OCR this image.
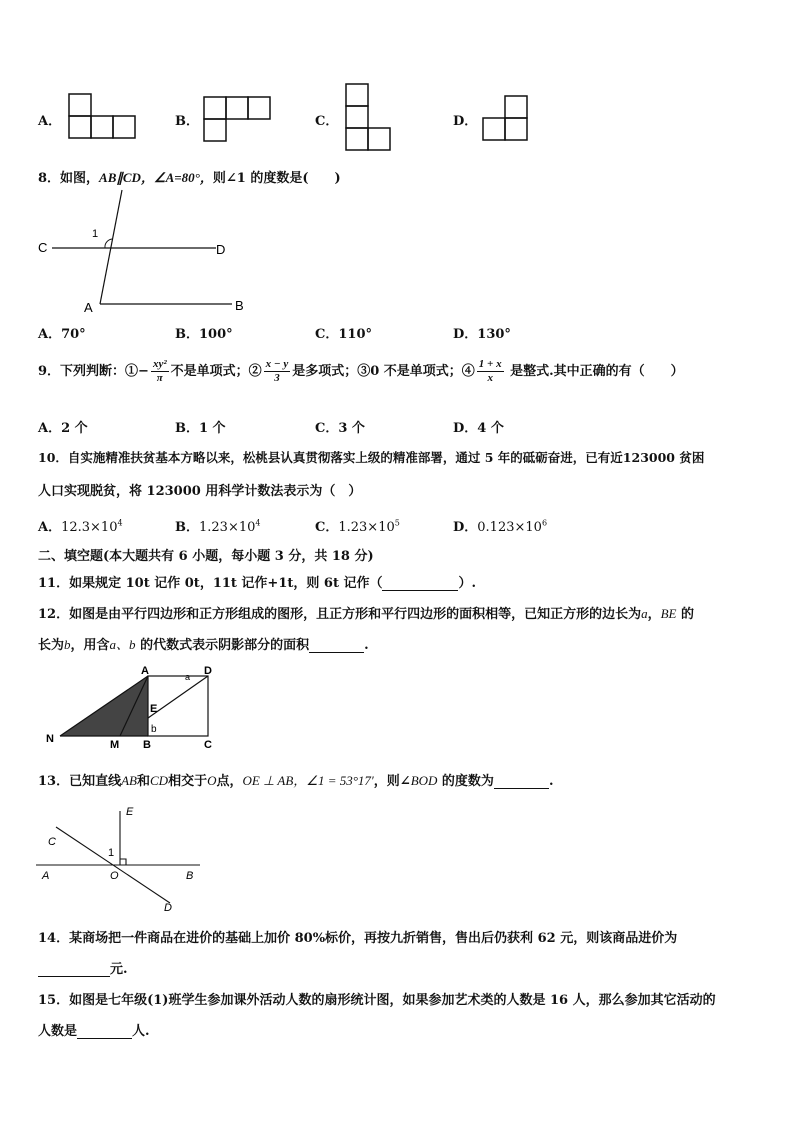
A．	B．	C．	D．
8．如图，AB∥CD，∠A=80°，则∠1 的度数是(　　)
C	D
A	B
1
A．70°	B．100°	C．110°	D．130°
9．下列判断：①− $\frac{\text{xy²}}{\pi}$ 不是单项式；② $\frac{x - y}{3}$ 是多项式；③0 不是单项式；④ $\frac{1 + x}{x}$ 是整式.其中正确的有（　　）
A．2 个	B．1 个	C．3 个	D．4 个
10．自实施精准扶贫基本方略以来，松桃县认真贯彻落实上级的精准部署，通过 5 年的砥砺奋进，已有近123000 贫困
人口实现脱贫，将 123000 用科学计数法表示为（　）
A．$12.3\times 10^4$	B．$1.23\times 10^4$	C．$1.23\times 10^5$	D．$0.123\times 10^6$
二、填空题(本大题共有 6 小题，每小题 3 分，共 18 分)
11．如果规定 10t 记作 0t，11t 记作+1t，则 6t 记作（	）.
12．如图是由平行四边形和正方形组成的图形，且正方形和平行四边形的面积相等，已知正方形的边长为a，BE 的
长为b，用含a、b 的代数式表示阴影部分的面积	.
A	D
a
E
b
N	M B	C
13．已知直线AB和CD相交于O点，OE ⊥ AB，∠1 = 53°17′，则∠BOD 的度数为	.
E
C
1
A	O	B
D
14．某商场把一件商品在进价的基础上加价 80%标价，再按九折销售，售出后仍获利 62 元，则该商品进价为
元.
15．如图是七年级(1)班学生参加课外活动人数的扇形统计图，如果参加艺术类的人数是 16 人，那么参加其它活动的
人数是	人.
